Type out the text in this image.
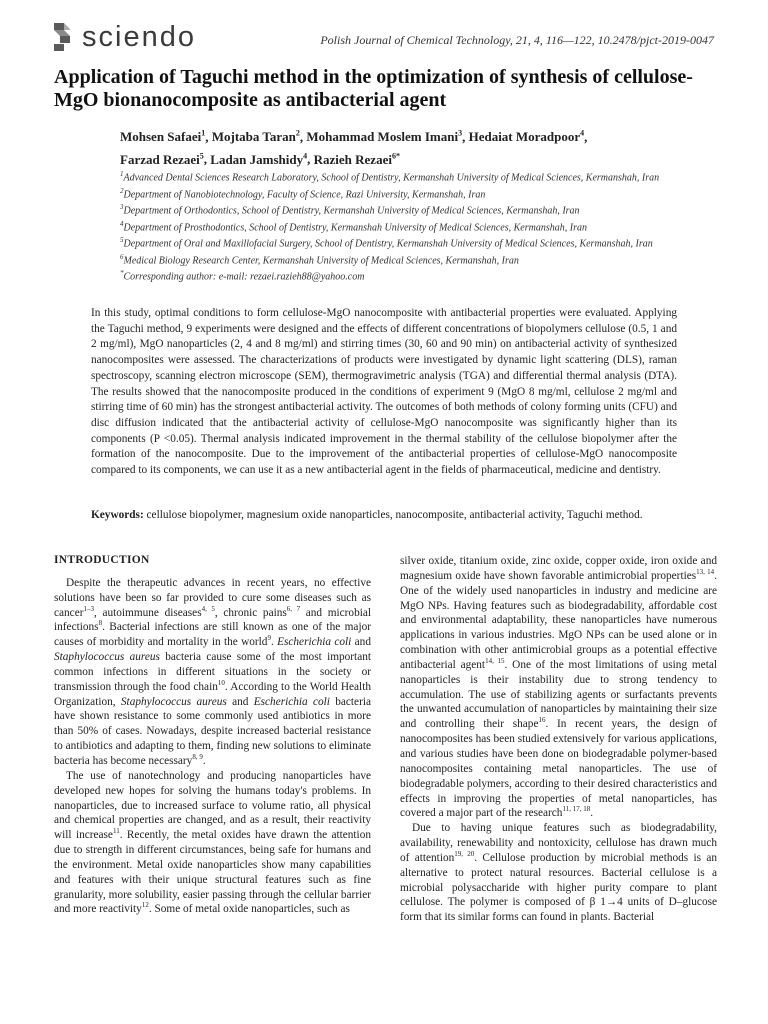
sciendo	Polish Journal of Chemical Technology, 21, 4, 116—122, 10.2478/pjct-2019-0047
Application of Taguchi method in the optimization of synthesis of cellulose-MgO bionanocomposite as antibacterial agent
Mohsen Safaei$^1$, Mojtaba Taran$^2$, Mohammad Moslem Imani$^3$, Hedaiat Moradpoor$^4$,
Farzad Rezaei$^5$, Ladan Jamshidy$^4$, Razieh Rezaei$^{6*}$
$^1$Advanced Dental Sciences Research Laboratory, School of Dentistry, Kermanshah University of Medical Sciences, Kermanshah, Iran
$^2$Department of Nanobiotechnology, Faculty of Science, Razi University, Kermanshah, Iran
$^3$Department of Orthodontics, School of Dentistry, Kermanshah University of Medical Sciences, Kermanshah, Iran
$^4$Department of Prosthodontics, School of Dentistry, Kermanshah University of Medical Sciences, Kermanshah, Iran
$^5$Department of Oral and Maxillofacial Surgery, School of Dentistry, Kermanshah University of Medical Sciences, Kermanshah, Iran
$^6$Medical Biology Research Center, Kermanshah University of Medical Sciences, Kermanshah, Iran
*Corresponding author: e-mail: rezaei.razieh88@yahoo.com

In this study, optimal conditions to form cellulose-MgO nanocomposite with antibacterial properties were evaluated. Applying the Taguchi method, 9 experiments were designed and the effects of different concentrations of biopolymers cellulose (0.5, 1 and 2 mg/ml), MgO nanoparticles (2, 4 and 8 mg/ml) and stirring times (30, 60 and 90 min) on antibacterial activity of synthesized nanocomposites were assessed. The characterizations of products were investigated by dynamic light scattering (DLS), raman spectroscopy, scanning electron microscope (SEM), thermogravimetric analysis (TGA) and differential thermal analysis (DTA). The results showed that the nanocomposite produced in the conditions of experiment 9 (MgO 8 mg/ml, cellulose 2 mg/ml and stirring time of 60 min) has the strongest antibacterial activity. The outcomes of both methods of colony forming units (CFU) and disc diffusion indicated that the antibacterial activity of cellulose-MgO nanocomposite was significantly higher than its components (P <0.05). Thermal analysis indicated improvement in the thermal stability of the cellulose biopolymer after the formation of the nanocomposite. Due to the improvement of the antibacterial properties of cellulose-MgO nanocomposite compared to its components, we can use it as a new antibacterial agent in the fields of pharmaceutical, medicine and dentistry.

Keywords: cellulose biopolymer, magnesium oxide nanoparticles, nanocomposite, antibacterial activity, Taguchi method.

INTRODUCTION

Despite the therapeutic advances in recent years, no effective solutions have been so far provided to cure some diseases such as cancer$^{1-3}$, autoimmune diseases$^{4, 5}$, chronic pains$^{6, 7}$ and microbial infections$^8$. Bacterial infections are still known as one of the major causes of morbidity and mortality in the world$^9$. Escherichia coli and Staphylococcus aureus bacteria cause some of the most important common infections in different situations in the society or transmission through the food chain$^{10}$. According to the World Health Organization, Staphylococcus aureus and Escherichia coli bacteria have shown resistance to some commonly used antibiotics in more than 50% of cases. Nowadays, despite increased bacterial resistance to antibiotics and adapting to them, finding new solutions to eliminate bacteria has become necessary$^{8, 9}$.

The use of nanotechnology and producing nanoparticles have developed new hopes for solving the humans today's problems. In nanoparticles, due to increased surface to volume ratio, all physical and chemical properties are changed, and as a result, their reactivity will increase$^{11}$. Recently, the metal oxides have drawn the attention due to strength in different circumstances, being safe for humans and the environment. Metal oxide nanoparticles show many capabilities and features with their unique structural features such as fine granularity, more solubility, easier passing through the cellular barrier and more reactivity$^{12}$. Some of metal oxide nanoparticles, such as

silver oxide, titanium oxide, zinc oxide, copper oxide, iron oxide and magnesium oxide have shown favorable antimicrobial properties$^{13, 14}$. One of the widely used nanoparticles in industry and medicine are MgO NPs. Having features such as biodegradability, affordable cost and environmental adaptability, these nanoparticles have numerous applications in various industries. MgO NPs can be used alone or in combination with other antimicrobial groups as a potential effective antibacterial agent$^{14, 15}$. One of the most limitations of using metal nanoparticles is their instability due to strong tendency to accumulation. The use of stabilizing agents or surfactants prevents the unwanted accumulation of nanoparticles by maintaining their size and controlling their shape$^{16}$. In recent years, the design of nanocomposites has been studied extensively for various applications, and various studies have been done on biodegradable polymer-based nanocomposites containing metal nanoparticles. The use of biodegradable polymers, according to their desired characteristics and effects in improving the properties of metal nanoparticles, has covered a major part of the research$^{11, 17, 18}$.

Due to having unique features such as biodegradability, availability, renewability and nontoxicity, cellulose has drawn much of attention$^{19, 20}$. Cellulose production by microbial methods is an alternative to protect natural resources. Bacterial cellulose is a microbial polysaccharide with higher purity compare to plant cellulose. The polymer is composed of β 1→4 units of D–glucose form that its similar forms can found in plants. Bacterial
